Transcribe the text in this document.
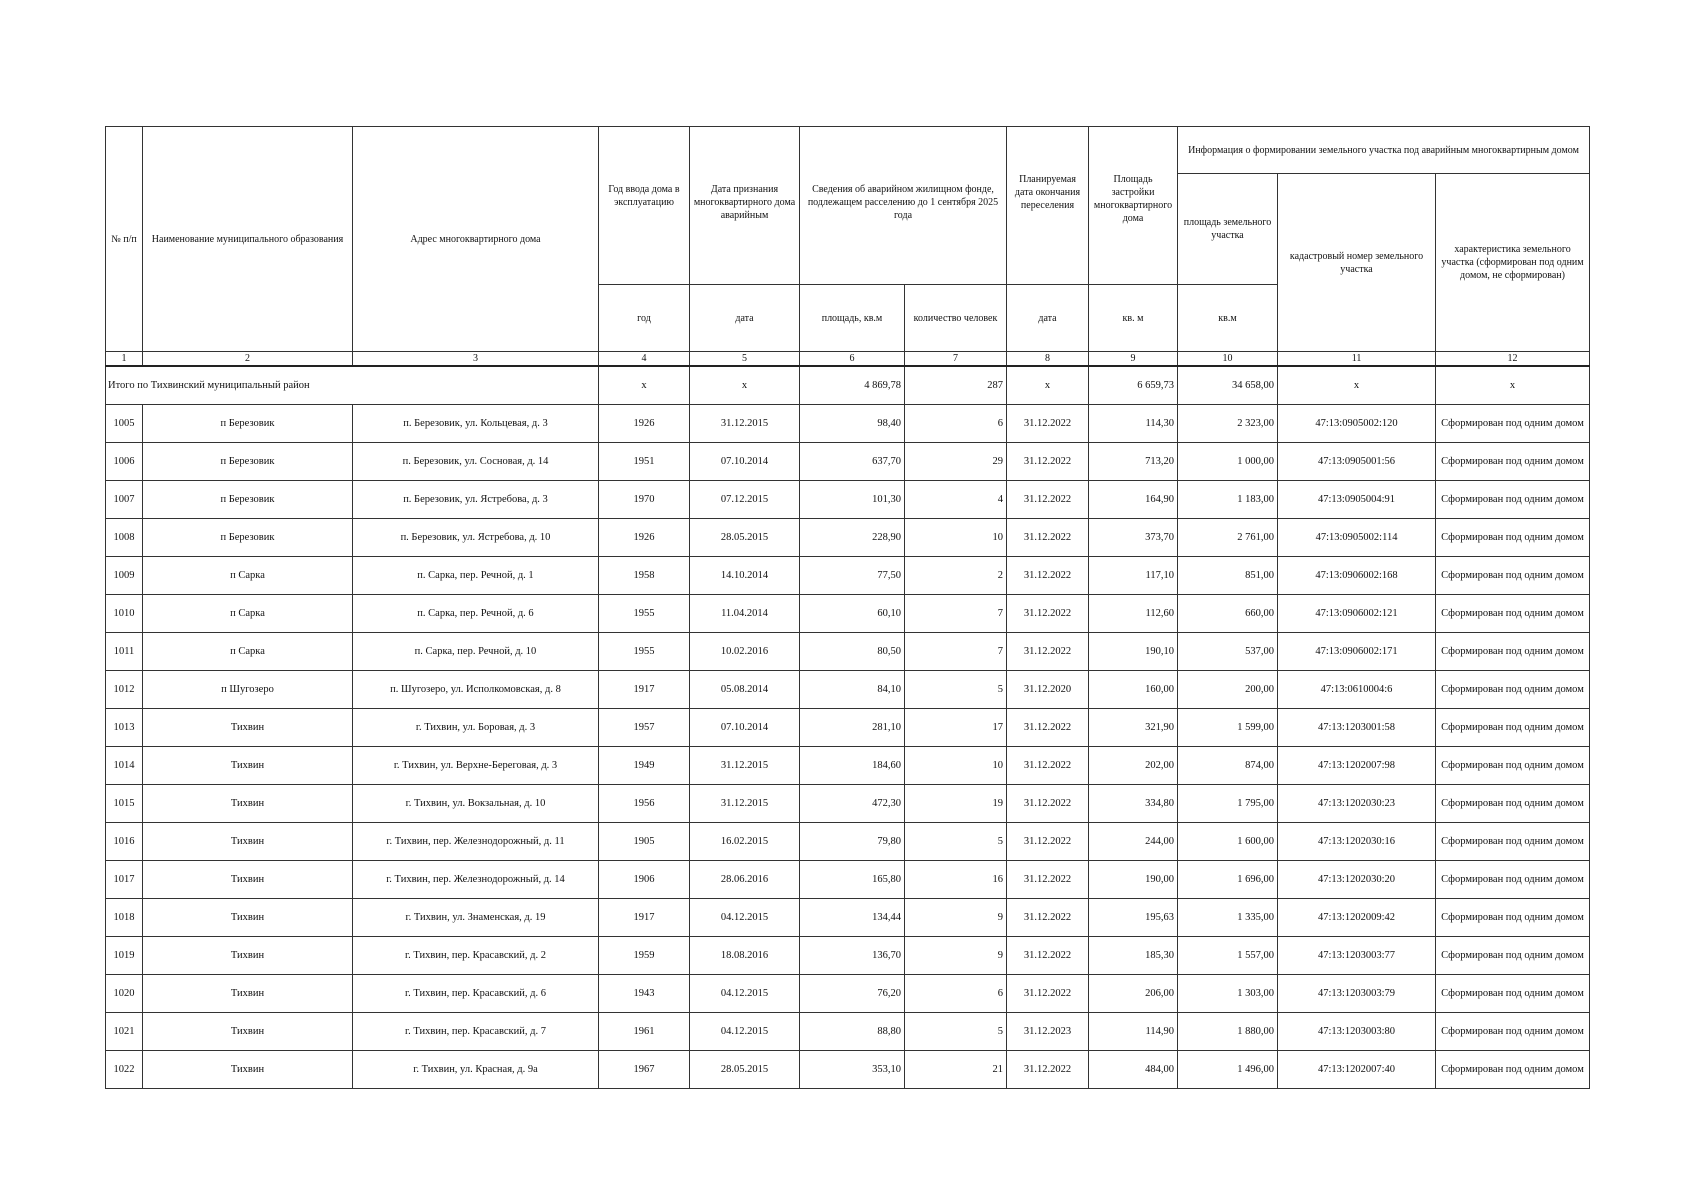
№ п/п	Наименование муниципального образования	Адрес многоквартирного дома	Год ввода дома в эксплуатацию	Дата признания многоквартирного дома аварийным	Сведения об аварийном жилищном фонде, подлежащем расселению до 1 сентября 2025 года		Планируемая дата окончания переселения	Площадь застройки многоквартирного дома	Информация о формировании земельного участка под аварийным многоквартирным домом		
									площадь земельного участка	кадастровый номер земельного участка	характеристика земельного участка (сформирован под одним домом, не сформирован)
			год	дата	площадь, кв.м	количество человек	дата	кв. м	кв.м		
1	2	3	4	5	6	7	8	9	10	11	12
Итого по Тихвинский муниципальный район			x	x	4 869,78	287	x	6 659,73	34 658,00	x	x
1005	п Березовик	п. Березовик, ул. Кольцевая, д. 3	1926	31.12.2015	98,40	6	31.12.2022	114,30	2 323,00	47:13:0905002:120	Сформирован под одним домом
1006	п Березовик	п. Березовик, ул. Сосновая, д. 14	1951	07.10.2014	637,70	29	31.12.2022	713,20	1 000,00	47:13:0905001:56	Сформирован под одним домом
1007	п Березовик	п. Березовик, ул. Ястребова, д. 3	1970	07.12.2015	101,30	4	31.12.2022	164,90	1 183,00	47:13:0905004:91	Сформирован под одним домом
1008	п Березовик	п. Березовик, ул. Ястребова, д. 10	1926	28.05.2015	228,90	10	31.12.2022	373,70	2 761,00	47:13:0905002:114	Сформирован под одним домом
1009	п Сарка	п. Сарка, пер. Речной, д. 1	1958	14.10.2014	77,50	2	31.12.2022	117,10	851,00	47:13:0906002:168	Сформирован под одним домом
1010	п Сарка	п. Сарка, пер. Речной, д. 6	1955	11.04.2014	60,10	7	31.12.2022	112,60	660,00	47:13:0906002:121	Сформирован под одним домом
1011	п Сарка	п. Сарка, пер. Речной, д. 10	1955	10.02.2016	80,50	7	31.12.2022	190,10	537,00	47:13:0906002:171	Сформирован под одним домом
1012	п Шугозеро	п. Шугозеро, ул. Исполкомовская, д. 8	1917	05.08.2014	84,10	5	31.12.2020	160,00	200,00	47:13:0610004:6	Сформирован под одним домом
1013	Тихвин	г. Тихвин, ул. Боровая, д. 3	1957	07.10.2014	281,10	17	31.12.2022	321,90	1 599,00	47:13:1203001:58	Сформирован под одним домом
1014	Тихвин	г. Тихвин, ул. Верхне-Береговая, д. 3	1949	31.12.2015	184,60	10	31.12.2022	202,00	874,00	47:13:1202007:98	Сформирован под одним домом
1015	Тихвин	г. Тихвин, ул. Вокзальная, д. 10	1956	31.12.2015	472,30	19	31.12.2022	334,80	1 795,00	47:13:1202030:23	Сформирован под одним домом
1016	Тихвин	г. Тихвин, пер. Железнодорожный, д. 11	1905	16.02.2015	79,80	5	31.12.2022	244,00	1 600,00	47:13:1202030:16	Сформирован под одним домом
1017	Тихвин	г. Тихвин, пер. Железнодорожный, д. 14	1906	28.06.2016	165,80	16	31.12.2022	190,00	1 696,00	47:13:1202030:20	Сформирован под одним домом
1018	Тихвин	г. Тихвин, ул. Знаменская, д. 19	1917	04.12.2015	134,44	9	31.12.2022	195,63	1 335,00	47:13:1202009:42	Сформирован под одним домом
1019	Тихвин	г. Тихвин, пер. Красавский, д. 2	1959	18.08.2016	136,70	9	31.12.2022	185,30	1 557,00	47:13:1203003:77	Сформирован под одним домом
1020	Тихвин	г. Тихвин, пер. Красавский, д. 6	1943	04.12.2015	76,20	6	31.12.2022	206,00	1 303,00	47:13:1203003:79	Сформирован под одним домом
1021	Тихвин	г. Тихвин, пер. Красавский, д. 7	1961	04.12.2015	88,80	5	31.12.2023	114,90	1 880,00	47:13:1203003:80	Сформирован под одним домом
1022	Тихвин	г. Тихвин, ул. Красная, д. 9а	1967	28.05.2015	353,10	21	31.12.2022	484,00	1 496,00	47:13:1202007:40	Сформирован под одним домом
